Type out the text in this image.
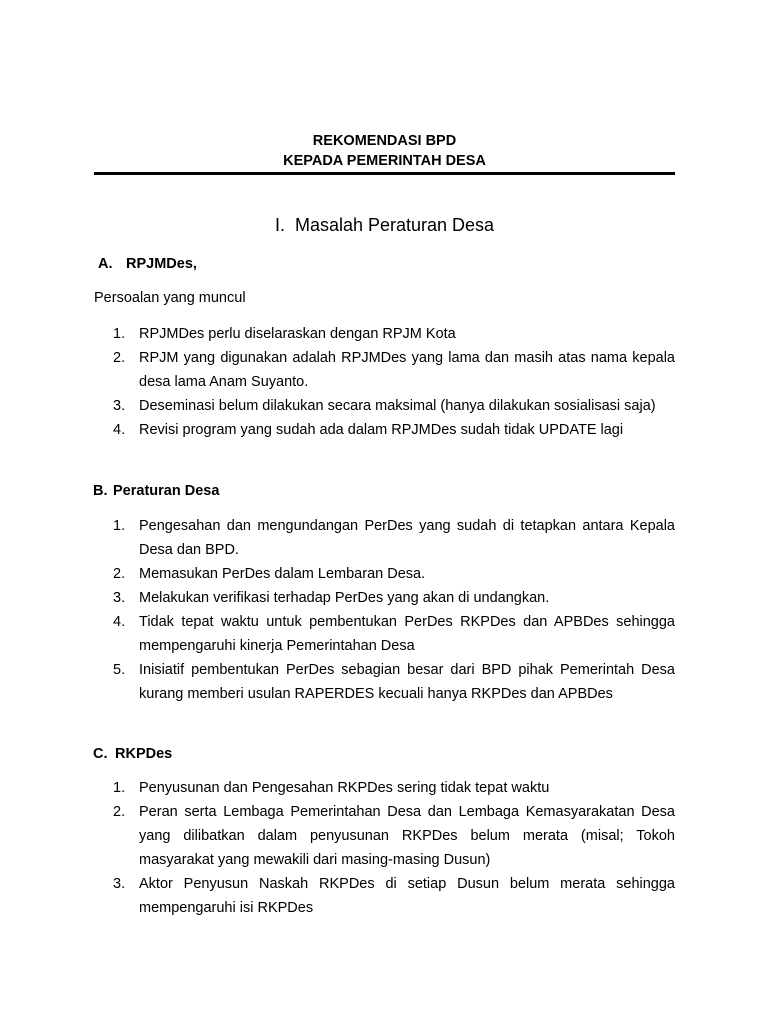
REKOMENDASI BPD
KEPADA PEMERINTAH DESA
I. Masalah Peraturan Desa
A. RPJMDes,
Persoalan yang muncul
1. RPJMDes perlu diselaraskan dengan RPJM Kota
2. RPJM yang digunakan adalah RPJMDes yang lama dan masih atas nama kepala desa lama Anam Suyanto.
3. Deseminasi belum dilakukan secara maksimal (hanya dilakukan sosialisasi saja)
4. Revisi program yang sudah ada dalam RPJMDes sudah tidak UPDATE lagi
B. Peraturan Desa
1. Pengesahan dan mengundangan PerDes yang sudah di tetapkan antara Kepala Desa dan BPD.
2. Memasukan PerDes dalam Lembaran Desa.
3. Melakukan verifikasi terhadap PerDes yang akan di undangkan.
4. Tidak tepat waktu untuk pembentukan PerDes RKPDes dan APBDes sehingga mempengaruhi kinerja Pemerintahan Desa
5. Inisiatif pembentukan PerDes sebagian besar dari BPD pihak Pemerintah Desa kurang memberi usulan RAPERDES kecuali hanya RKPDes dan APBDes
C. RKPDes
1. Penyusunan dan Pengesahan RKPDes sering tidak tepat waktu
2. Peran serta Lembaga Pemerintahan Desa dan Lembaga Kemasyarakatan Desa yang dilibatkan dalam penyusunan RKPDes belum merata (misal; Tokoh masyarakat yang mewakili dari masing-masing Dusun)
3. Aktor Penyusun Naskah RKPDes di setiap Dusun belum merata sehingga mempengaruhi isi RKPDes
